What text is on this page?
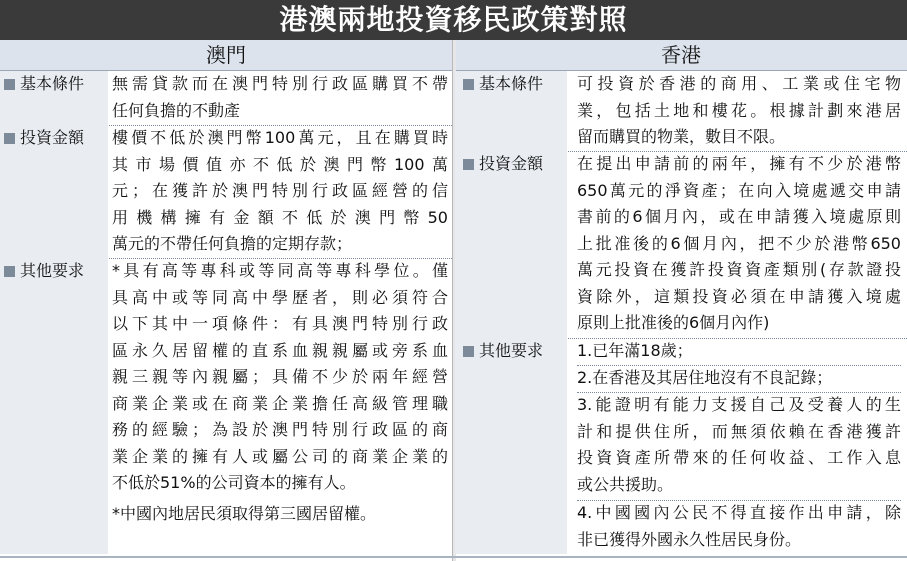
港澳兩地投資移民政策對照
澳門	香港
基本條件 無需貸款而在澳門特別行政區購買不帶
任何負擔的不動產
投資金額 樓價不低於澳門幣100萬元，且在購買時
其市場價值亦不低於澳門幣100萬
元；在獲許於澳門特別行政區經營的信
用機構擁有金額不低於澳門幣50
萬元的不帶任何負擔的定期存款；
其他要求 *具有高等專科或等同高等專科學位。僅
具高中或等同高中學歷者，則必須符合
以下其中一項條件：有具澳門特別行政
區永久居留權的直系血親親屬或旁系血
親三親等內親屬；具備不少於兩年經營
商業企業或在商業企業擔任高級管理職
務的經驗；為設於澳門特別行政區的商
業企業的擁有人或屬公司的商業企業的
不低於51%的公司資本的擁有人。
*中國內地居民須取得第三國居留權。
基本條件 可投資於香港的商用、工業或住宅物
業，包括土地和樓花。根據計劃來港居
留而購買的物業，數目不限。
投資金額 在提出申請前的兩年，擁有不少於港幣
650萬元的淨資產；在向入境處遞交申請
書前的6個月內，或在申請獲入境處原則
上批准後的6個月內，把不少於港幣650
萬元投資在獲許投資資產類別(存款證投
資除外，這類投資必須在申請獲入境處
原則上批准後的6個月內作)
其他要求 1.已年滿18歲；
2.在香港及其居住地沒有不良記錄；
3.能證明有能力支援自己及受養人的生
計和提供住所，而無須依賴在香港獲許
投資資產所帶來的任何收益、工作入息
或公共援助。
4.中國國內公民不得直接作出申請，除
非已獲得外國永久性居民身份。
